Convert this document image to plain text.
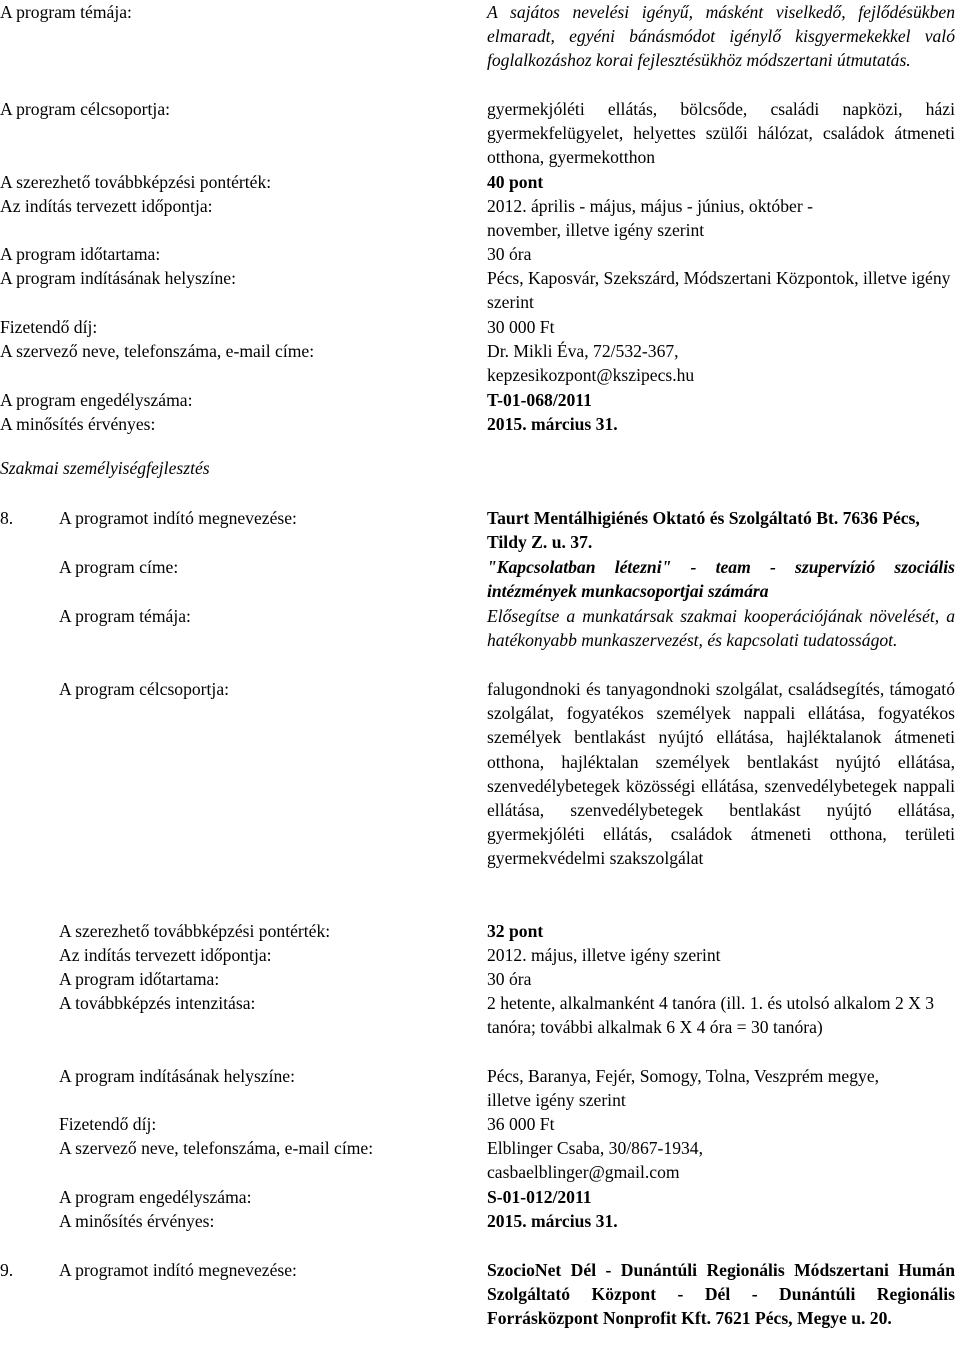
A program témája:	A sajátos nevelési igényű, másként viselkedő, fejlődésükben elmaradt, egyéni bánásmódot igénylő kisgyermekekkel való foglalkozáshoz korai fejlesztésükhöz módszertani útmutatás.
A program célcsoportja:	gyermekjóléti ellátás, bölcsőde, családi napközi, házi gyermekfelügyelet, helyettes szülői hálózat, családok átmeneti otthona, gyermekotthon
A szerezhető továbbképzési pontérték:	40 pont
Az indítás tervezett időpontja:	2012. április - május, május - június, október - november, illetve igény szerint
A program időtartama:	30 óra
A program indításának helyszíne:	Pécs, Kaposvár, Szekszárd, Módszertani Központok, illetve igény szerint
Fizetendő díj:	30 000 Ft
A szervező neve, telefonszáma, e-mail címe:	Dr. Mikli Éva, 72/532-367, kepzesikozpont@kszipecs.hu
A program engedélyszáma:	T-01-068/2011
A minősítés érvényes:	2015. március 31.
Szakmai személyiségfejlesztés
8.	A programot indító megnevezése:	Taurt Mentálhigiénés Oktató és Szolgáltató Bt. 7636 Pécs, Tildy Z. u. 37.
A program címe:	"Kapcsolatban létezni" - team - szupervízió szociális intézmények munkacsoportjai számára
A program témája:	Elősegítse a munkatársak szakmai kooperációjának növelését, a hatékonyabb munkaszervezést, és kapcsolati tudatosságot.
A program célcsoportja:	falugondnoki és tanyagondnoki szolgálat, családsegítés, támogató szolgálat, fogyatékos személyek nappali ellátása, fogyatékos személyek bentlakást nyújtó ellátása, hajléktalanok átmeneti otthona, hajléktalan személyek bentlakást nyújtó ellátása, szenvedélybetegek közösségi ellátása, szenvedélybetegek nappali ellátása, szenvedélybetegek bentlakást nyújtó ellátása, gyermekjóléti ellátás, családok átmeneti otthona, területi gyermekvédelmi szakszolgálat
A szerezhető továbbképzési pontérték:	32 pont
Az indítás tervezett időpontja:	2012. május, illetve igény szerint
A program időtartama:	30 óra
A továbbképzés intenzitása:	2 hetente, alkalmanként 4 tanóra (ill. 1. és utolsó alkalom 2 X 3 tanóra; további alkalmak 6 X 4 óra = 30 tanóra)
A program indításának helyszíne:	Pécs, Baranya, Fejér, Somogy, Tolna, Veszprém megye, illetve igény szerint
Fizetendő díj:	36 000 Ft
A szervező neve, telefonszáma, e-mail címe:	Elblinger Csaba, 30/867-1934, casbaelblinger@gmail.com
A program engedélyszáma:	S-01-012/2011
A minősítés érvényes:	2015. március 31.
9.	A programot indító megnevezése:	SzocioNet Dél - Dunántúli Regionális Módszertani Humán Szolgáltató Központ - Dél - Dunántúli Regionális Forrásközpont Nonprofit Kft. 7621 Pécs, Megye u. 20.
